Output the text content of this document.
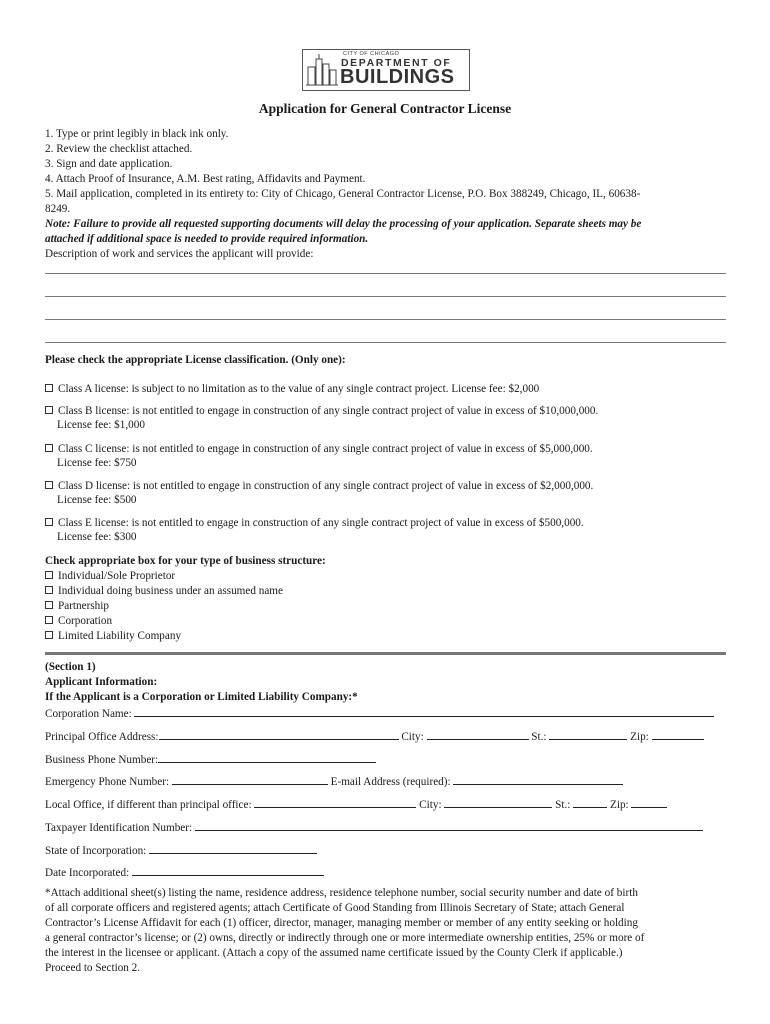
CITY OF CHICAGO
DEPARTMENT OF
BUILDINGS
Application for General Contractor License
1. Type or print legibly in black ink only.
2. Review the checklist attached.
3. Sign and date application.
4. Attach Proof of Insurance, A.M. Best rating, Affidavits and Payment.
5. Mail application, completed in its entirety to: City of Chicago, General Contractor License, P.O. Box 388249, Chicago, IL, 60638-
8249.
Note: Failure to provide all requested supporting documents will delay the processing of your application. Separate sheets may be
attached if additional space is needed to provide required information.
Description of work and services the applicant will provide:
Please check the appropriate License classification. (Only one):
Class A license: is subject to no limitation as to the value of any single contract project. License fee: $2,000
Class B license: is not entitled to engage in construction of any single contract project of value in excess of $10,000,000.
License fee: $1,000
Class C license: is not entitled to engage in construction of any single contract project of value in excess of $5,000,000.
License fee: $750
Class D license: is not entitled to engage in construction of any single contract project of value in excess of $2,000,000.
License fee: $500
Class E license: is not entitled to engage in construction of any single contract project of value in excess of $500,000.
License fee: $300
Check appropriate box for your type of business structure:
Individual/Sole Proprietor
Individual doing business under an assumed name
Partnership
Corporation
Limited Liability Company
(Section 1)
Applicant Information:
If the Applicant is a Corporation or Limited Liability Company:*
Corporation Name:
Principal Office Address:	City:	St.:	Zip:
Business Phone Number:
Emergency Phone Number:	E-mail Address (required):
Local Office, if different than principal office:	City:	St.:	Zip:
Taxpayer Identification Number:
State of Incorporation:
Date Incorporated:
*Attach additional sheet(s) listing the name, residence address, residence telephone number, social security number and date of birth
of all corporate officers and registered agents; attach Certificate of Good Standing from Illinois Secretary of State; attach General
Contractor’s License Affidavit for each (1) officer, director, manager, managing member or member of any entity seeking or holding
a general contractor’s license; or (2) owns, directly or indirectly through one or more intermediate ownership entities, 25% or more of
the interest in the licensee or applicant. (Attach a copy of the assumed name certificate issued by the County Clerk if applicable.)
Proceed to Section 2.
